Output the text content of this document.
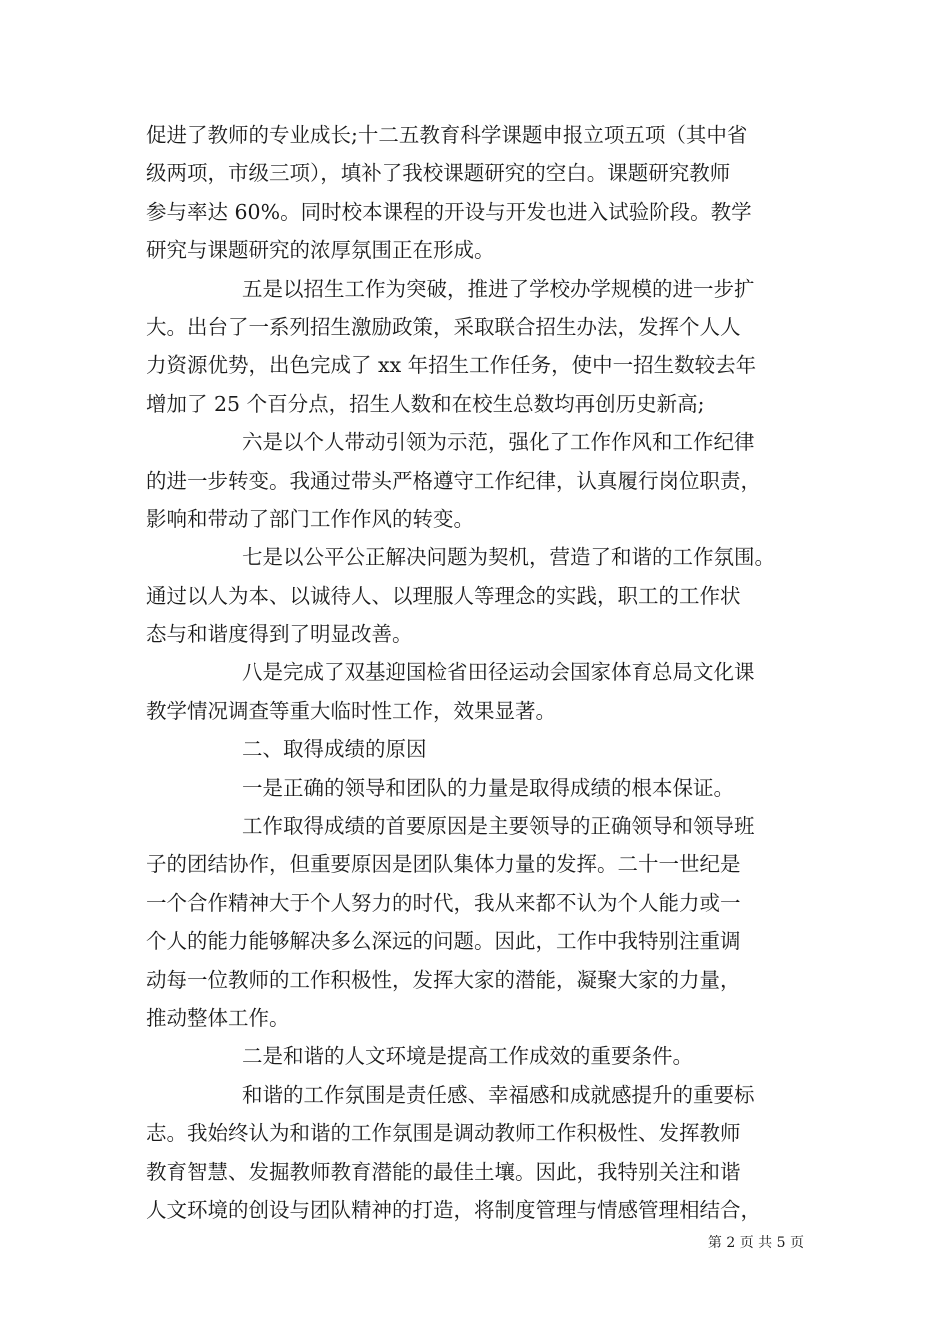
促进了教师的专业成长;十二五教育科学课题申报立项五项（其中省
级两项，市级三项），填补了我校课题研究的空白。课题研究教师
参与率达 60%。同时校本课程的开设与开发也进入试验阶段。教学
研究与课题研究的浓厚氛围正在形成。
五是以招生工作为突破，推进了学校办学规模的进一步扩
大。出台了一系列招生激励政策，采取联合招生办法，发挥个人人
力资源优势，出色完成了 xx 年招生工作任务，使中一招生数较去年
增加了 25 个百分点，招生人数和在校生总数均再创历史新高;
六是以个人带动引领为示范，强化了工作作风和工作纪律
的进一步转变。我通过带头严格遵守工作纪律，认真履行岗位职责，
影响和带动了部门工作作风的转变。
七是以公平公正解决问题为契机，营造了和谐的工作氛围。
通过以人为本、以诚待人、以理服人等理念的实践，职工的工作状
态与和谐度得到了明显改善。
八是完成了双基迎国检省田径运动会国家体育总局文化课
教学情况调查等重大临时性工作，效果显著。
二、取得成绩的原因
一是正确的领导和团队的力量是取得成绩的根本保证。
工作取得成绩的首要原因是主要领导的正确领导和领导班
子的团结协作，但重要原因是团队集体力量的发挥。二十一世纪是
一个合作精神大于个人努力的时代，我从来都不认为个人能力或一
个人的能力能够解决多么深远的问题。因此，工作中我特别注重调
动每一位教师的工作积极性，发挥大家的潜能，凝聚大家的力量，
推动整体工作。
二是和谐的人文环境是提高工作成效的重要条件。
和谐的工作氛围是责任感、幸福感和成就感提升的重要标
志。我始终认为和谐的工作氛围是调动教师工作积极性、发挥教师
教育智慧、发掘教师教育潜能的最佳土壤。因此，我特别关注和谐
人文环境的创设与团队精神的打造，将制度管理与情感管理相结合，
第 2 页 共 5 页
